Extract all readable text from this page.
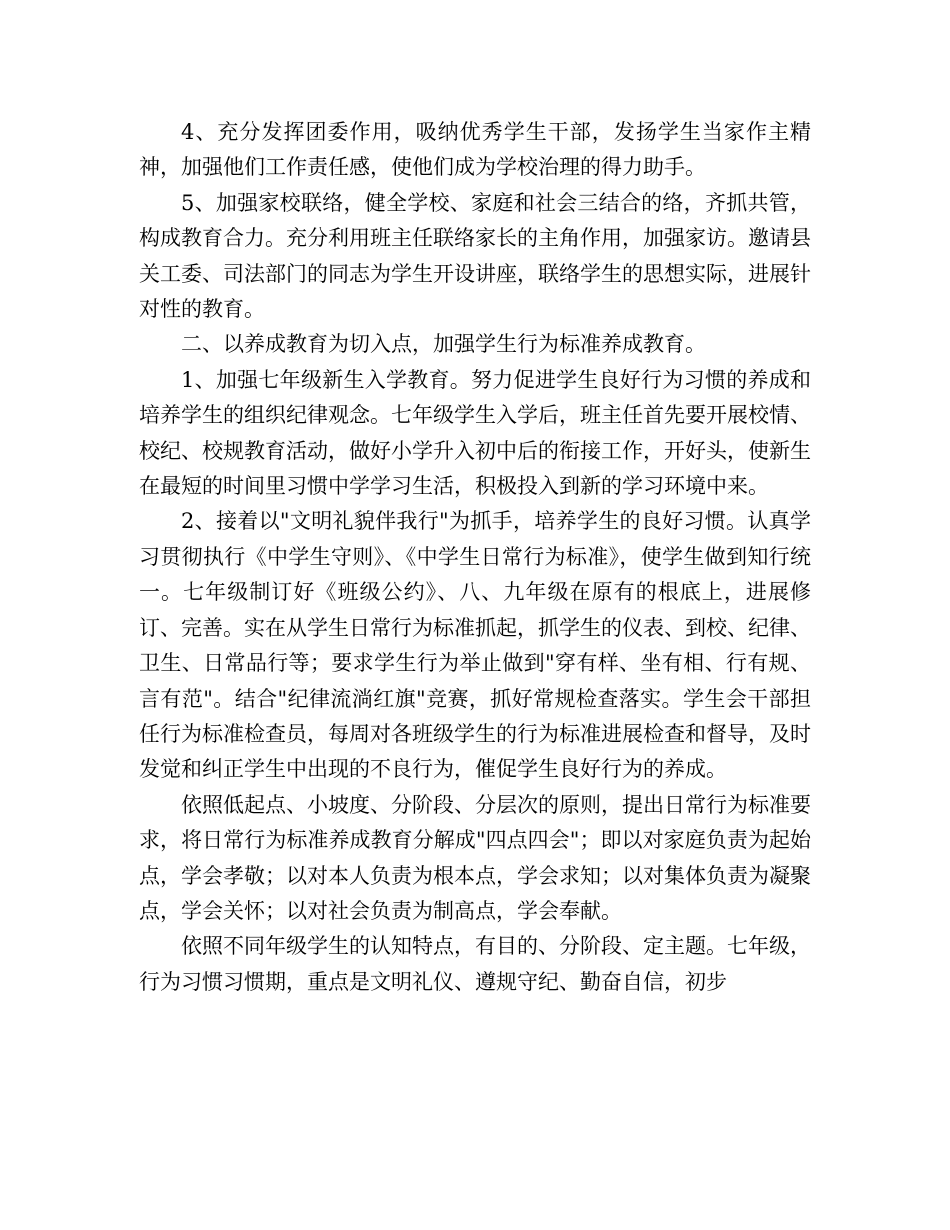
4、充分发挥团委作用，吸纳优秀学生干部，发扬学生当家作主精神，加强他们工作责任感，使他们成为学校治理的得力助手。

5、加强家校联络，健全学校、家庭和社会三结合的络，齐抓共管，构成教育合力。充分利用班主任联络家长的主角作用，加强家访。邀请县关工委、司法部门的同志为学生开设讲座，联络学生的思想实际，进展针对性的教育。

二、以养成教育为切入点，加强学生行为标准养成教育。

1、加强七年级新生入学教育。努力促进学生良好行为习惯的养成和培养学生的组织纪律观念。七年级学生入学后，班主任首先要开展校情、校纪、校规教育活动，做好小学升入初中后的衔接工作，开好头，使新生在最短的时间里习惯中学学习生活，积极投入到新的学习环境中来。

2、接着以"文明礼貌伴我行"为抓手，培养学生的良好习惯。认真学习贯彻执行《中学生守则》、《中学生日常行为标准》，使学生做到知行统一。七年级制订好《班级公约》、八、九年级在原有的根底上，进展修订、完善。实在从学生日常行为标准抓起，抓学生的仪表、到校、纪律、卫生、日常品行等；要求学生行为举止做到"穿有样、坐有相、行有规、言有范"。结合"纪律流淌红旗"竞赛，抓好常规检查落实。学生会干部担任行为标准检查员，每周对各班级学生的行为标准进展检查和督导，及时发觉和纠正学生中出现的不良行为，催促学生良好行为的养成。

依照低起点、小坡度、分阶段、分层次的原则，提出日常行为标准要求，将日常行为标准养成教育分解成"四点四会"；即以对家庭负责为起始点，学会孝敬；以对本人负责为根本点，学会求知；以对集体负责为凝聚点，学会关怀；以对社会负责为制高点，学会奉献。

依照不同年级学生的认知特点，有目的、分阶段、定主题。七年级，行为习惯习惯期，重点是文明礼仪、遵规守纪、勤奋自信，初步
